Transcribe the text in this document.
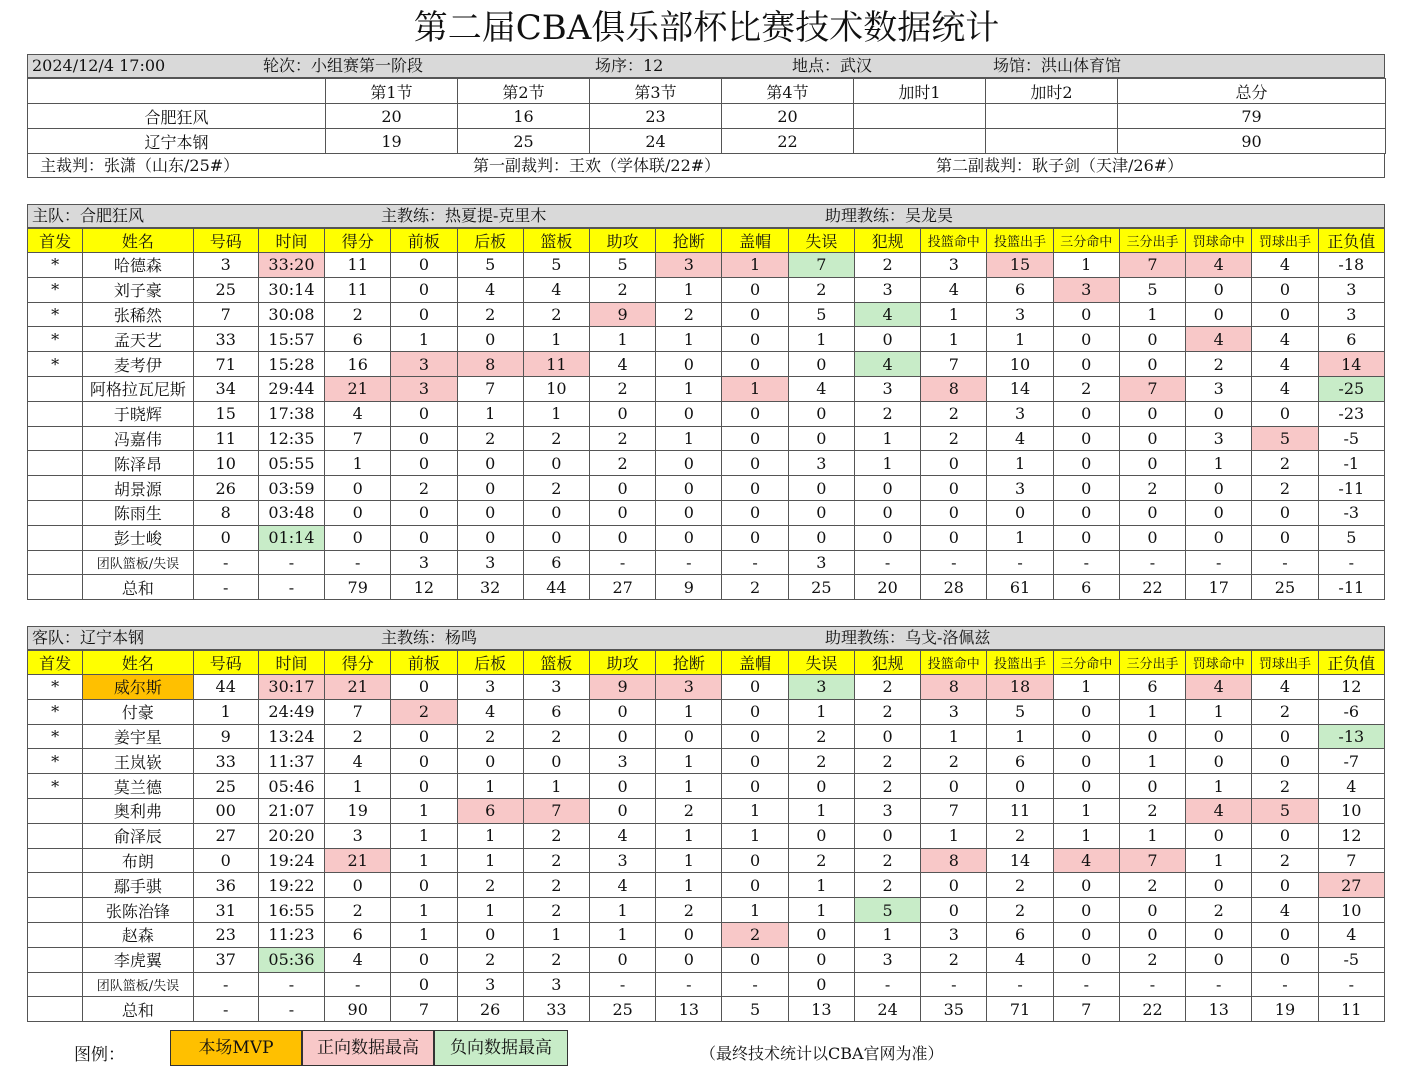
第二届CBA俱乐部杯比赛技术数据统计
2024/12/4 17:00	轮次：小组赛第一阶段	场序：12	地点：武汉	场馆：洪山体育馆
	第1节	第2节	第3节	第4节	加时1	加时2	总分
合肥狂风	20	16	23	20			79
辽宁本钢	19	25	24	22			90
主裁判：张潇（山东/25#）	第一副裁判：王欢（学体联/22#）	第二副裁判：耿子剑（天津/26#）
主队：合肥狂风	主教练：热夏提-克里木	助理教练：吴龙昊
首发	姓名	号码	时间	得分	前板	后板	篮板	助攻	抢断	盖帽	失误	犯规	投篮命中	投篮出手	三分命中	三分出手	罚球命中	罚球出手	正负值
*	哈德森	3	33:20	11	0	5	5	5	3	1	7	2	3	15	1	7	4	4	-18
*	刘子豪	25	30:14	11	0	4	4	2	1	0	2	3	4	6	3	5	0	0	3
*	张稀然	7	30:08	2	0	2	2	9	2	0	5	4	1	3	0	1	0	0	3
*	孟天艺	33	15:57	6	1	0	1	1	1	0	1	0	1	1	0	0	4	4	6
*	麦考伊	71	15:28	16	3	8	11	4	0	0	0	4	7	10	0	0	2	4	14
	阿格拉瓦尼斯	34	29:44	21	3	7	10	2	1	1	4	3	8	14	2	7	3	4	-25
	于晓辉	15	17:38	4	0	1	1	0	0	0	0	2	2	3	0	0	0	0	-23
	冯嘉伟	11	12:35	7	0	2	2	2	1	0	0	1	2	4	0	0	3	5	-5
	陈泽昂	10	05:55	1	0	0	0	2	0	0	3	1	0	1	0	0	1	2	-1
	胡景源	26	03:59	0	2	0	2	0	0	0	0	0	0	3	0	2	0	2	-11
	陈雨生	8	03:48	0	0	0	0	0	0	0	0	0	0	0	0	0	0	0	-3
	彭士峻	0	01:14	0	0	0	0	0	0	0	0	0	0	1	0	0	0	0	5
	团队篮板/失误	-	-	-	3	3	6	-	-	-	3	-	-	-	-	-	-	-	-
	总和	-	-	79	12	32	44	27	9	2	25	20	28	61	6	22	17	25	-11
客队：辽宁本钢	主教练：杨鸣	助理教练：乌戈-洛佩兹
首发	姓名	号码	时间	得分	前板	后板	篮板	助攻	抢断	盖帽	失误	犯规	投篮命中	投篮出手	三分命中	三分出手	罚球命中	罚球出手	正负值
*	威尔斯	44	30:17	21	0	3	3	9	3	0	3	2	8	18	1	6	4	4	12
*	付豪	1	24:49	7	2	4	6	0	1	0	1	2	3	5	0	1	1	2	-6
*	姜宇星	9	13:24	2	0	2	2	0	0	0	2	0	1	1	0	0	0	0	-13
*	王岚嵚	33	11:37	4	0	0	0	3	1	0	2	2	2	6	0	1	0	0	-7
*	莫兰德	25	05:46	1	0	1	1	0	1	0	0	2	0	0	0	0	1	2	4
	奥利弗	00	21:07	19	1	6	7	0	2	1	1	3	7	11	1	2	4	5	10
	俞泽辰	27	20:20	3	1	1	2	4	1	1	0	0	1	2	1	1	0	0	12
	布朗	0	19:24	21	1	1	2	3	1	0	2	2	8	14	4	7	1	2	7
	鄢手骐	36	19:22	0	0	2	2	4	1	0	1	2	0	2	0	2	0	0	27
	张陈治锋	31	16:55	2	1	1	2	1	2	1	1	5	0	2	0	0	2	4	10
	赵森	23	11:23	6	1	0	1	1	0	2	0	1	3	6	0	0	0	0	4
	李虎翼	37	05:36	4	0	2	2	0	0	0	0	3	2	4	0	2	0	0	-5
	团队篮板/失误	-	-	-	0	3	3	-	-	-	0	-	-	-	-	-	-	-	-
	总和	-	-	90	7	26	33	25	13	5	13	24	35	71	7	22	13	19	11
图例：	本场MVP	正向数据最高	负向数据最高	（最终技术统计以CBA官网为准）
